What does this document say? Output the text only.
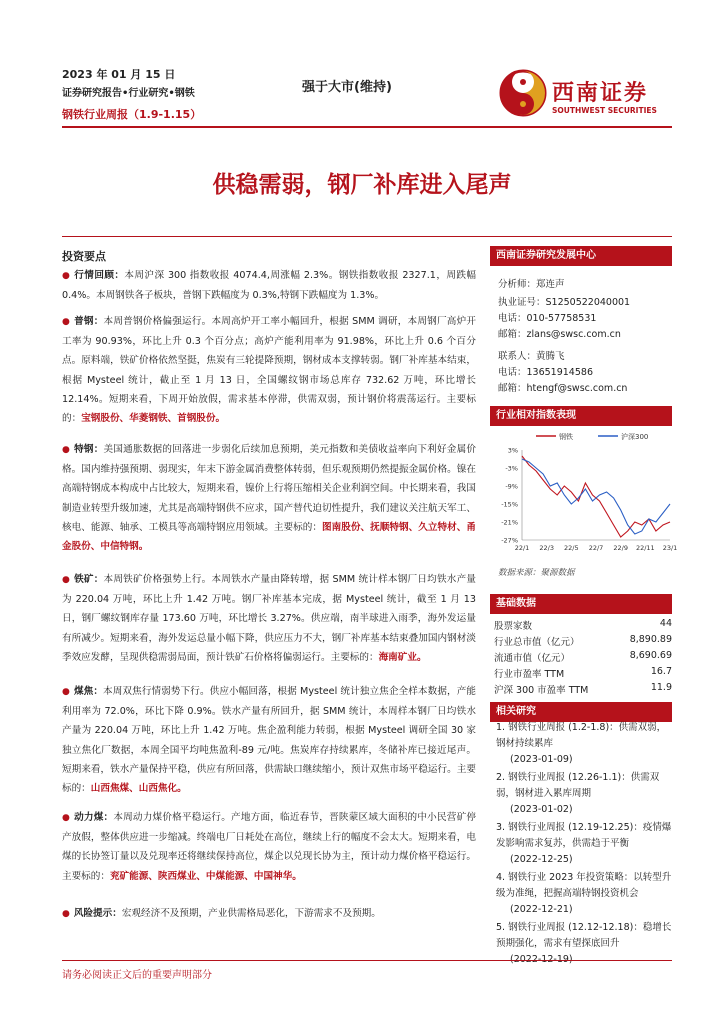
2023 年 01 月 15 日
证券研究报告•行业研究•钢铁
钢铁行业周报（1.9-1.15）
强于大市(维持)	西南证券
SOUTHWEST SECURITIES
供稳需弱，钢厂补库进入尾声
投资要点
● 行情回顾：本周沪深 300 指数收报 4074.4,周涨幅 2.3%。钢铁指数收报 2327.1，周跌幅 0.4%。本周钢铁各子板块，普钢下跌幅度为 0.3%,特钢下跌幅度为 1.3%。
● 普钢：本周普钢价格偏强运行。本周高炉开工率小幅回升，根据 SMM 调研，本周钢厂高炉开工率为 90.93%，环比上升 0.3 个百分点；高炉产能利用率为 91.98%，环比上升 0.6 个百分点。原料端，铁矿价格依然坚挺，焦炭有三轮提降预期，钢材成本支撑转弱。钢厂补库基本结束，根据 Mysteel 统计，截止至 1 月 13 日，全国螺纹钢市场总库存 732.62 万吨，环比增长 12.14%。短期来看，下周开始放假，需求基本停滞，供需双弱，预计钢价将震荡运行。主要标的：宝钢股份、华菱钢铁、首钢股份。
● 特钢：美国通胀数据的回落进一步弱化后续加息预期，美元指数和美债收益率向下利好金属价格。国内维持强预期、弱现实，年末下游金属消费整体转弱，但乐观预期仍然提振金属价格。镍在高端特钢成本构成中占比较大，短期来看，镍价上行将压缩相关企业利润空间。中长期来看，我国制造业转型升级加速，尤其是高端特钢供不应求，国产替代迫切性提升，我们建议关注航天军工、核电、能源、轴承、工模具等高端特钢应用领域。主要标的：图南股份、抚顺特钢、久立特材、甬金股份、中信特钢。
● 铁矿：本周铁矿价格强势上行。本周铁水产量由降转增，据 SMM 统计样本钢厂日均铁水产量为 220.04 万吨，环比上升 1.42 万吨。钢厂补库基本完成，据 Mysteel 统计，截至 1 月 13 日，钢厂螺纹钢库存量 173.60 万吨，环比增长 3.27%。供应端，南半球进入雨季，海外发运量有所减少。短期来看，海外发运总量小幅下降，供应压力不大，钢厂补库基本结束叠加国内钢材淡季效应发酵，呈现供稳需弱局面，预计铁矿石价格将偏弱运行。主要标的：海南矿业。
● 煤焦：本周双焦行情弱势下行。供应小幅回落，根据 Mysteel 统计独立焦企全样本数据，产能利用率为 72.0%，环比下降 0.9%。铁水产量有所回升，据 SMM 统计，本周样本钢厂日均铁水产量为 220.04 万吨，环比上升 1.42 万吨。焦企盈利能力转弱，根据 Mysteel 调研全国 30 家独立焦化厂数据，本周全国平均吨焦盈利-89 元/吨。焦炭库存持续累库，冬储补库已接近尾声。短期来看，铁水产量保持平稳，供应有所回落，供需缺口继续缩小，预计双焦市场平稳运行。主要标的：山西焦煤、山西焦化。
● 动力煤：本周动力煤价格平稳运行。产地方面，临近春节，晋陕蒙区域大面积的中小民营矿停产放假，整体供应进一步缩减。终端电厂日耗处在高位，继续上行的幅度不会太大。短期来看，电煤的长协签订量以及兑现率还将继续保持高位，煤企以兑现长协为主，预计动力煤价格平稳运行。主要标的：兖矿能源、陕西煤业、中煤能源、中国神华。
● 风险提示：宏观经济不及预期，产业供需格局恶化，下游需求不及预期。
西南证券研究发展中心
分析师：郑连声
执业证号：S1250522040001
电话：010-57758531
邮箱：zlans@swsc.com.cn
联系人：黄腾飞
电话：13651914586
邮箱：htengf@swsc.com.cn
行业相对指数表现
钢铁	沪深300
3%
-3%
-9%
-15%
-21%
-27%
22/1 22/3 22/5 22/7 22/9 22/11 23/1
数据来源：聚源数据
基础数据
股票家数	44
行业总市值（亿元）	8,890.89
流通市值（亿元）	8,690.69
行业市盈率 TTM	16.7
沪深 300 市盈率 TTM	11.9
相关研究
1. 钢铁行业周报 (1.2-1.8)：供需双弱，钢材持续累库
(2023-01-09)
2. 钢铁行业周报 (12.26-1.1)：供需双弱，钢材进入累库周期
(2023-01-02)
3. 钢铁行业周报 (12.19-12.25)：疫情爆发影响需求复苏，供需趋于平衡
(2022-12-25)
4. 钢铁行业 2023 年投资策略：以转型升级为准绳，把握高端特钢投资机会
(2022-12-21)
5. 钢铁行业周报 (12.12-12.18)：稳增长预期强化，需求有望探底回升
请务必阅读正文后的重要声明部分
